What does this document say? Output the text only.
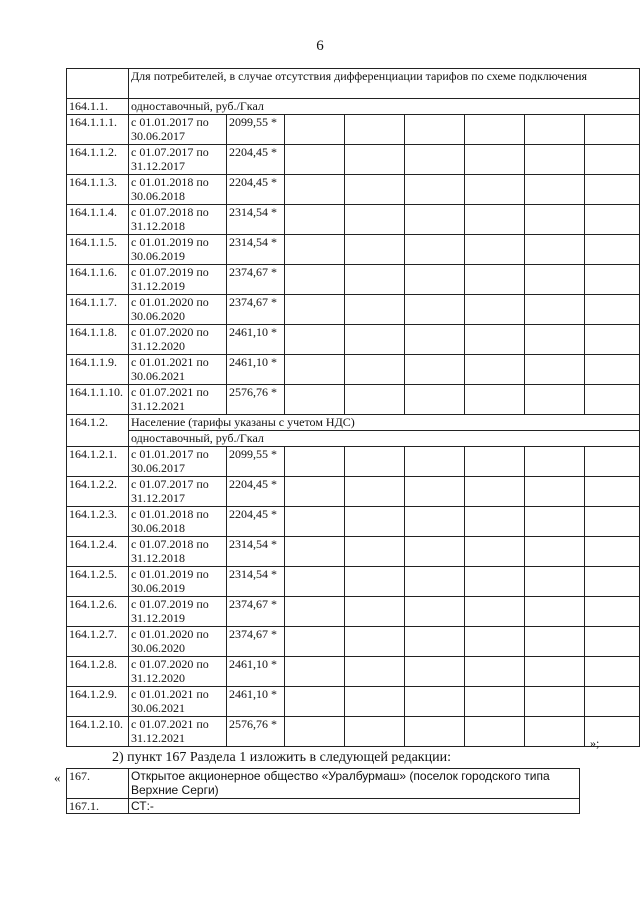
6
	Для потребителей, в случае отсутствия дифференциации тарифов по схеме подключения							
164.1.1.	одноставочный, руб./Гкал							
164.1.1.1.	с 01.01.2017 по 30.06.2017	2099,55 *						
164.1.1.2.	с 01.07.2017 по 31.12.2017	2204,45 *						
164.1.1.3.	с 01.01.2018 по 30.06.2018	2204,45 *						
164.1.1.4.	с 01.07.2018 по 31.12.2018	2314,54 *						
164.1.1.5.	с 01.01.2019 по 30.06.2019	2314,54 *						
164.1.1.6.	с 01.07.2019 по 31.12.2019	2374,67 *						
164.1.1.7.	с 01.01.2020 по 30.06.2020	2374,67 *						
164.1.1.8.	с 01.07.2020 по 31.12.2020	2461,10 *						
164.1.1.9.	с 01.01.2021 по 30.06.2021	2461,10 *						
164.1.1.10.	с 01.07.2021 по 31.12.2021	2576,76 *						
164.1.2.	Население (тарифы указаны с учетом НДС)							
	одноставочный, руб./Гкал							
164.1.2.1.	с 01.01.2017 по 30.06.2017	2099,55 *						
164.1.2.2.	с 01.07.2017 по 31.12.2017	2204,45 *						
164.1.2.3.	с 01.01.2018 по 30.06.2018	2204,45 *						
164.1.2.4.	с 01.07.2018 по 31.12.2018	2314,54 *						
164.1.2.5.	с 01.01.2019 по 30.06.2019	2314,54 *						
164.1.2.6.	с 01.07.2019 по 31.12.2019	2374,67 *						
164.1.2.7.	с 01.01.2020 по 30.06.2020	2374,67 *						
164.1.2.8.	с 01.07.2020 по 31.12.2020	2461,10 *						
164.1.2.9.	с 01.01.2021 по 30.06.2021	2461,10 *						
164.1.2.10.	с 01.07.2021 по 31.12.2021	2576,76 *						
»;
2) пункт 167 Раздела 1 изложить в следующей редакции:
« 167.	Открытое акционерное общество «Уралбурмаш» (поселок городского типа Верхние Серги)
167.1.	СТ:-
